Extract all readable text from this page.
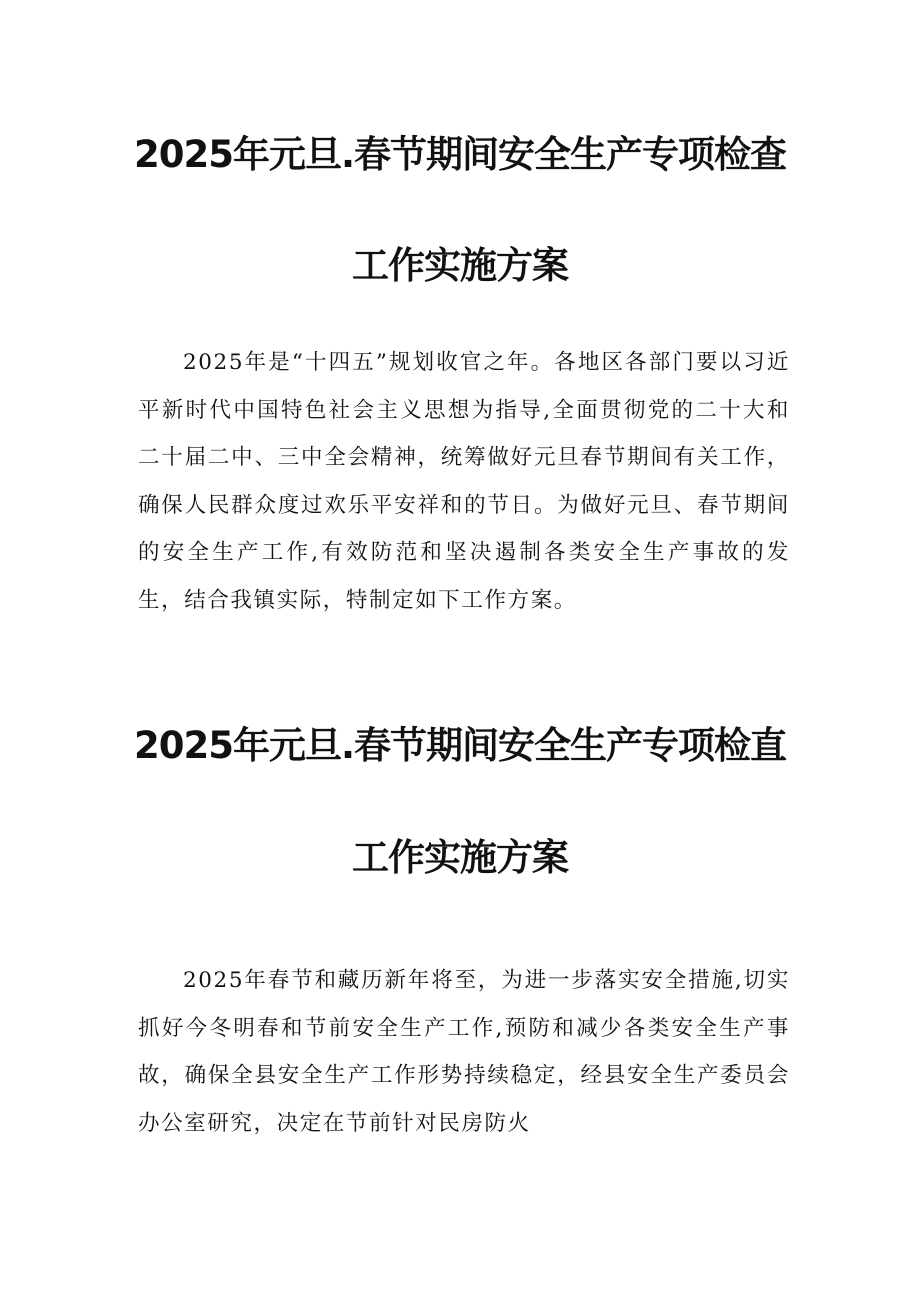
2025年元旦.春节期间安全生产专项检查
工作实施方案

2025年是“十四五”规划收官之年。各地区各部门要以习近平新时代中国特色社会主义思想为指导,全面贯彻党的二十大和二十届二中、三中全会精神，统筹做好元旦春节期间有关工作，确保人民群众度过欢乐平安祥和的节日。为做好元旦、春节期间的安全生产工作,有效防范和坚决遏制各类安全生产事故的发生，结合我镇实际，特制定如下工作方案。

2025年元旦.春节期间安全生产专项检直
工作实施方案

2025年春节和藏历新年将至，为进一步落实安全措施,切实抓好今冬明春和节前安全生产工作,预防和减少各类安全生产事故，确保全县安全生产工作形势持续稳定，经县安全生产委员会办公室研究，决定在节前针对民房防火
